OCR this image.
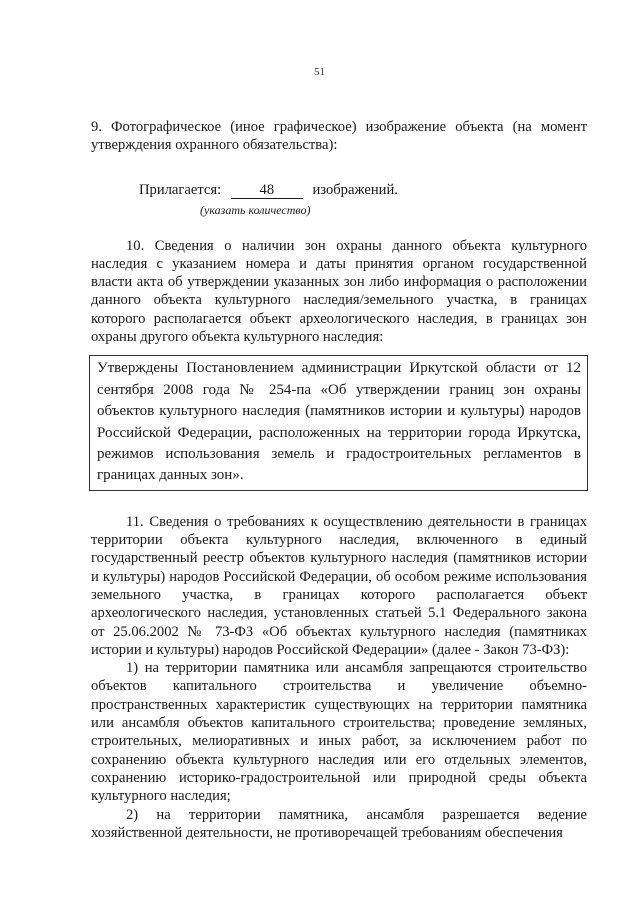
51

9. Фотографическое (иное графическое) изображение объекта (на момент утверждения охранного обязательства):

Прилагается:	48	изображений.
(указать количество)

10. Сведения о наличии зон охраны данного объекта культурного наследия с указанием номера и даты принятия органом государственной власти акта об утверждении указанных зон либо информация о расположении данного объекта культурного наследия/земельного участка, в границах которого располагается объект археологического наследия, в границах зон охраны другого объекта культурного наследия:

Утверждены Постановлением администрации Иркутской области от 12 сентября 2008 года № 254-па «Об утверждении границ зон охраны объектов культурного наследия (памятников истории и культуры) народов Российской Федерации, расположенных на территории города Иркутска, режимов использования земель и градостроительных регламентов в границах данных зон».

11. Сведения о требованиях к осуществлению деятельности в границах территории объекта культурного наследия, включенного в единый государственный реестр объектов культурного наследия (памятников истории и культуры) народов Российской Федерации, об особом режиме использования земельного участка, в границах которого располагается объект археологического наследия, установленных статьей 5.1 Федерального закона от 25.06.2002 № 73-ФЗ «Об объектах культурного наследия (памятниках истории и культуры) народов Российской Федерации» (далее - Закон 73-ФЗ):

1) на территории памятника или ансамбля запрещаются строительство объектов капитального строительства и увеличение объемно-пространственных характеристик существующих на территории памятника или ансамбля объектов капитального строительства; проведение земляных, строительных, мелиоративных и иных работ, за исключением работ по сохранению объекта культурного наследия или его отдельных элементов, сохранению историко-градостроительной или природной среды объекта культурного наследия;

2) на территории памятника, ансамбля разрешается ведение хозяйственной деятельности, не противоречащей требованиям обеспечения
